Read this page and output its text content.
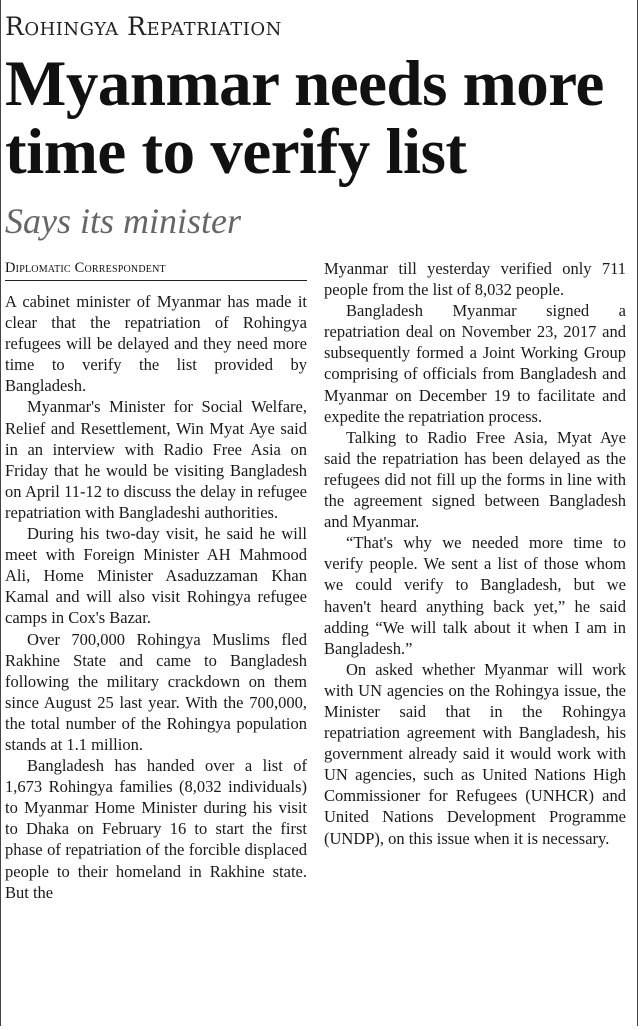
Rohingya Repatriation
Myanmar needs more time to verify list
Says its minister
Diplomatic Correspondent

A cabinet minister of Myanmar has made it clear that the repatriation of Rohingya refugees will be delayed and they need more time to verify the list provided by Bangladesh.

Myanmar's Minister for Social Welfare, Relief and Resettlement, Win Myat Aye said in an interview with Radio Free Asia on Friday that he would be visiting Bangladesh on April 11-12 to discuss the delay in refugee repatriation with Bangladeshi authorities.

During his two-day visit, he said he will meet with Foreign Minister AH Mahmood Ali, Home Minister Asaduzzaman Khan Kamal and will also visit Rohingya refugee camps in Cox's Bazar.

Over 700,000 Rohingya Muslims fled Rakhine State and came to Bangladesh following the military crackdown on them since August 25 last year. With the 700,000, the total number of the Rohingya population stands at 1.1 million.

Bangladesh has handed over a list of 1,673 Rohingya families (8,032 individuals) to Myanmar Home Minister during his visit to Dhaka on February 16 to start the first phase of repatriation of the forcible displaced people to their homeland in Rakhine state. But the

Myanmar till yesterday verified only 711 people from the list of 8,032 people.

Bangladesh Myanmar signed a repatriation deal on November 23, 2017 and subsequently formed a Joint Working Group comprising of officials from Bangladesh and Myanmar on December 19 to facilitate and expedite the repatriation process.

Talking to Radio Free Asia, Myat Aye said the repatriation has been delayed as the refugees did not fill up the forms in line with the agreement signed between Bangladesh and Myanmar.

“That's why we needed more time to verify people. We sent a list of those whom we could verify to Bangladesh, but we haven't heard anything back yet,” he said adding “We will talk about it when I am in Bangladesh.”

On asked whether Myanmar will work with UN agencies on the Rohingya issue, the Minister said that in the Rohingya repatriation agreement with Bangladesh, his government already said it would work with UN agencies, such as United Nations High Commissioner for Refugees (UNHCR) and United Nations Development Programme (UNDP), on this issue when it is necessary.
